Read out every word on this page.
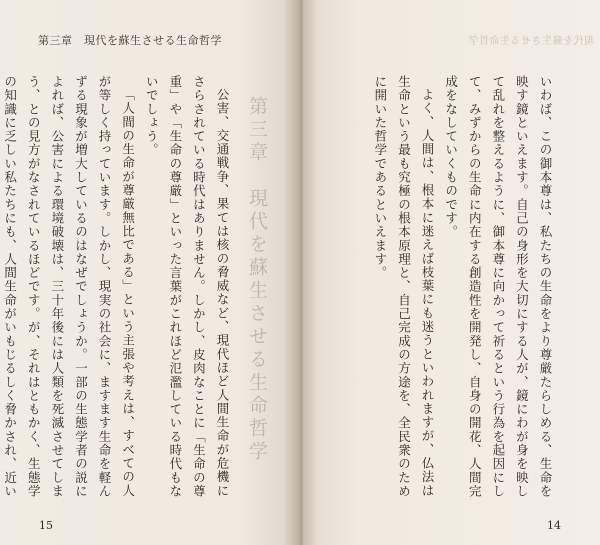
第三章　現代を蘇生させる生命哲学

公害、交通戦争、果ては核の脅威など、現代ほど人間生命が危機にさらされている時代はありません。しかし、皮肉なことに「生命の尊重」や「生命の尊厳」といった言葉がこれほど氾濫している時代もないでしょう。

「人間の生命が尊厳無比である」という主張や考えは、すべての人が等しく持っています。しかし、現実の社会に、ますます生命を軽んずる現象が増大しているのはなぜでしょうか。一部の生態学者の説によれば、公害による環境破壊は、三十年後には人類を死滅させてしまう、との見方がなされているほどです。が、それはともかく、生態学の知識に乏しい私たちにも、人間生命がいもじるしく脅かされ、近い

15

いわば、この御本尊は、私たちの生命をより尊厳たらしめる、生命を映す鏡といえます。自己の身形を大切にする人が、鏡にわが身を映して乱れを整えるように、御本尊に向かって祈るという行為を起因にして、みずからの生命に内在する創造性を開発し、自身の開花、人間完成をなしていくものです。

よく、人間は、根本に迷えば枝葉にも迷うといわれますが、仏法は生命という最も究極の根本原理と、自己完成の方途を、全民衆のために開いた哲学であるといえます。

14
現代を蘇生させる生命哲学
第三章　現代を蘇生させる生命哲学
